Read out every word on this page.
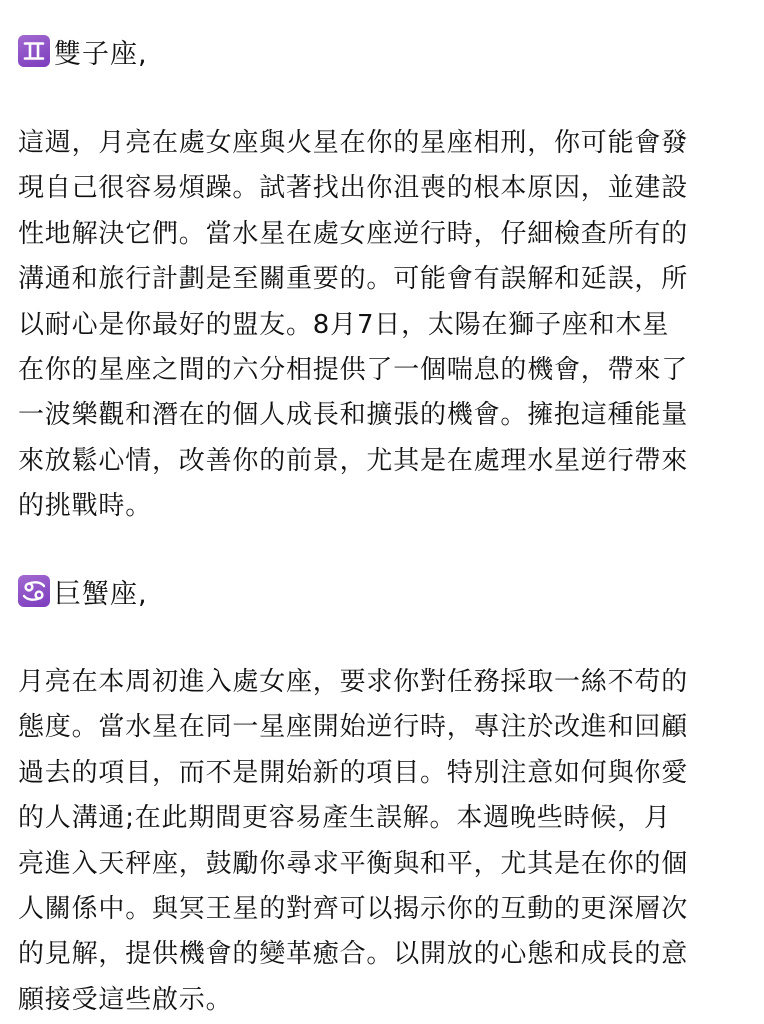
雙子座,

這週，月亮在處女座與火星在你的星座相刑，你可能會發
現自己很容易煩躁。試著找出你沮喪的根本原因，並建設
性地解決它們。當水星在處女座逆行時，仔細檢查所有的
溝通和旅行計劃是至關重要的。可能會有誤解和延誤，所
以耐心是你最好的盟友。8月7日，太陽在獅子座和木星
在你的星座之間的六分相提供了一個喘息的機會，帶來了
一波樂觀和潛在的個人成長和擴張的機會。擁抱這種能量
來放鬆心情，改善你的前景，尤其是在處理水星逆行帶來
的挑戰時。

巨蟹座,

月亮在本周初進入處女座，要求你對任務採取一絲不苟的
態度。當水星在同一星座開始逆行時，專注於改進和回顧
過去的項目，而不是開始新的項目。特別注意如何與你愛
的人溝通;在此期間更容易產生誤解。本週晚些時候，月
亮進入天秤座，鼓勵你尋求平衡與和平，尤其是在你的個
人關係中。與冥王星的對齊可以揭示你的互動的更深層次
的見解，提供機會的變革癒合。以開放的心態和成長的意
願接受這些啟示。
